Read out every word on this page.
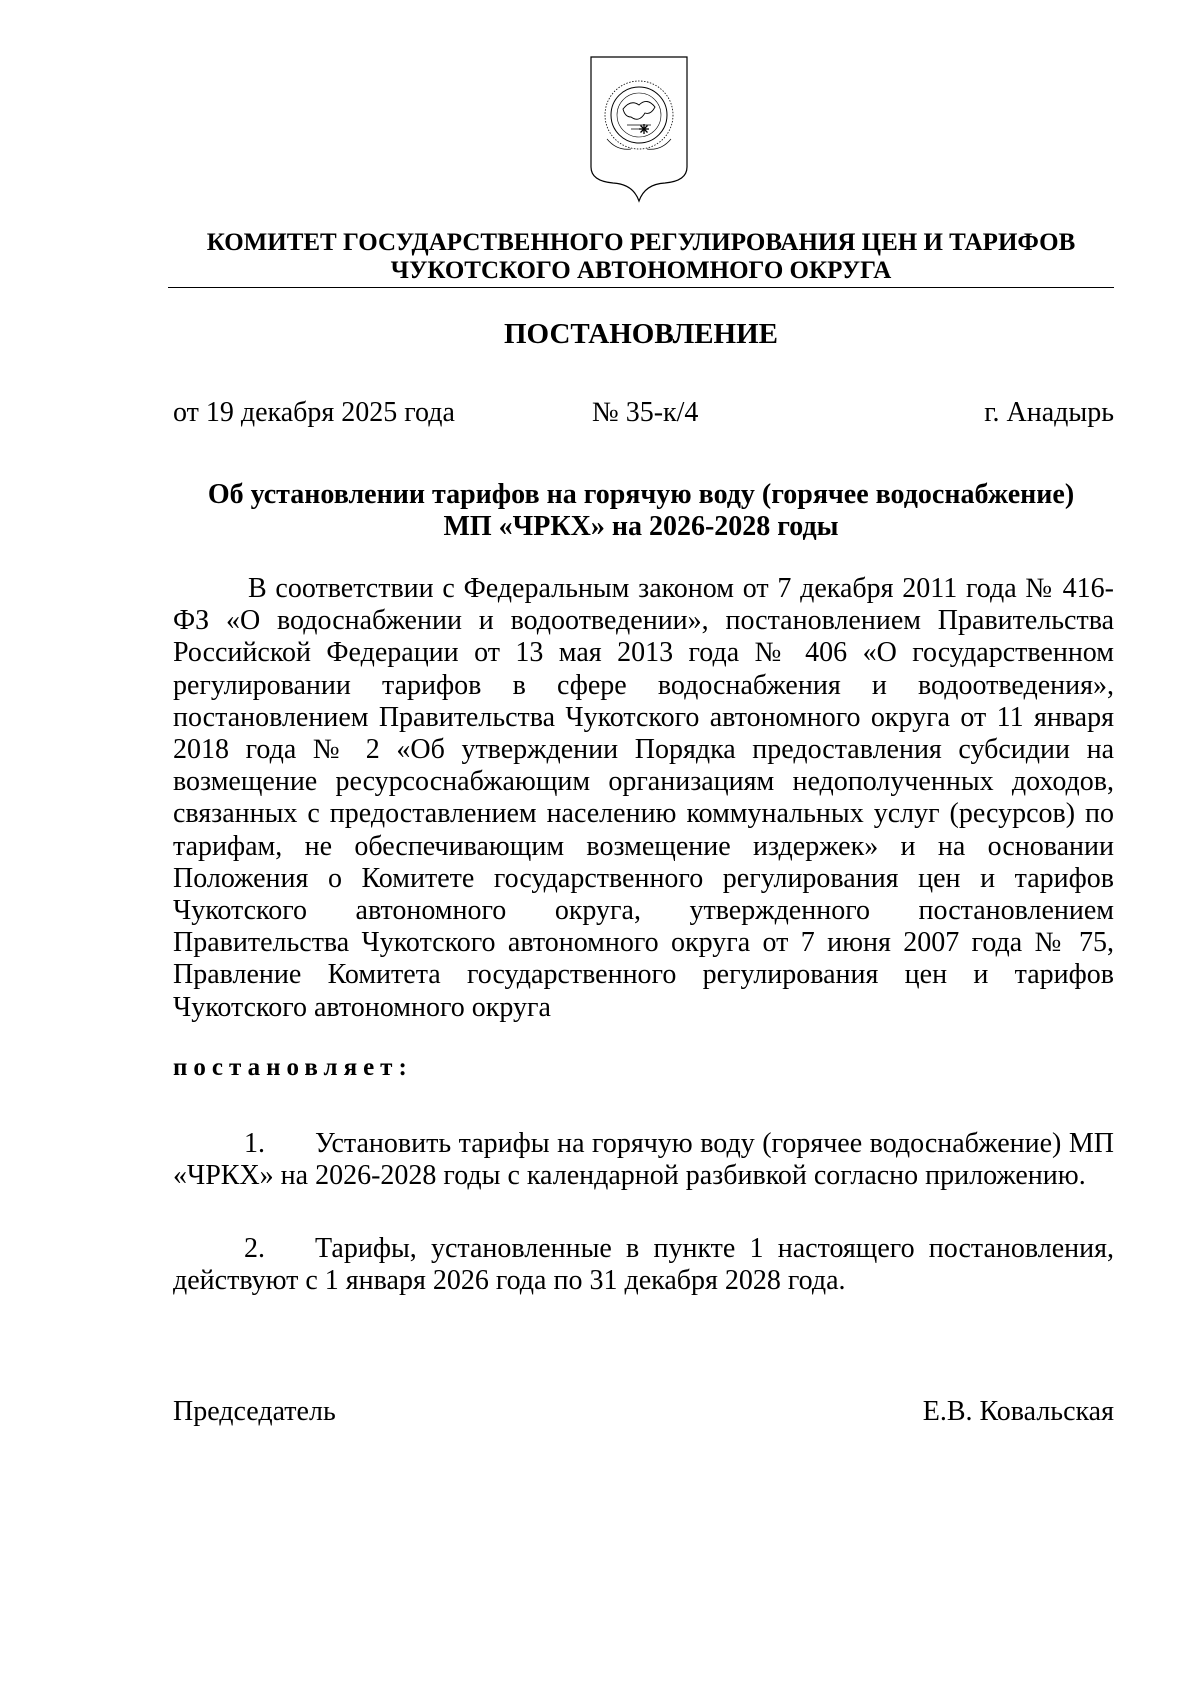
КОМИТЕТ ГОСУДАРСТВЕННОГО РЕГУЛИРОВАНИЯ ЦЕН И ТАРИФОВ
ЧУКОТСКОГО АВТОНОМНОГО ОКРУГА
ПОСТАНОВЛЕНИЕ
от 19 декабря 2025 года	№ 35-к/4	г. Анадырь
Об установлении тарифов на горячую воду (горячее водоснабжение)
МП «ЧРКХ» на 2026-2028 годы
В соответствии с Федеральным законом от 7 декабря 2011 года № 416-ФЗ «О водоснабжении и водоотведении», постановлением Правительства Российской Федерации от 13 мая 2013 года № 406 «О государственном регулировании тарифов в сфере водоснабжения и водоотведения», постановлением Правительства Чукотского автономного округа от 11 января 2018 года № 2 «Об утверждении Порядка предоставления субсидии на возмещение ресурсоснабжающим организациям недополученных доходов, связанных с предоставлением населению коммунальных услуг (ресурсов) по тарифам, не обеспечивающим возмещение издержек» и на основании Положения о Комитете государственного регулирования цен и тарифов Чукотского автономного округа, утвержденного постановлением Правительства Чукотского автономного округа от 7 июня 2007 года № 75, Правление Комитета государственного регулирования цен и тарифов Чукотского автономного округа
постановляет:
1. Установить тарифы на горячую воду (горячее водоснабжение) МП «ЧРКХ» на 2026-2028 годы с календарной разбивкой согласно приложению.
2. Тарифы, установленные в пункте 1 настоящего постановления, действуют с 1 января 2026 года по 31 декабря 2028 года.
Председатель	Е.В. Ковальская
